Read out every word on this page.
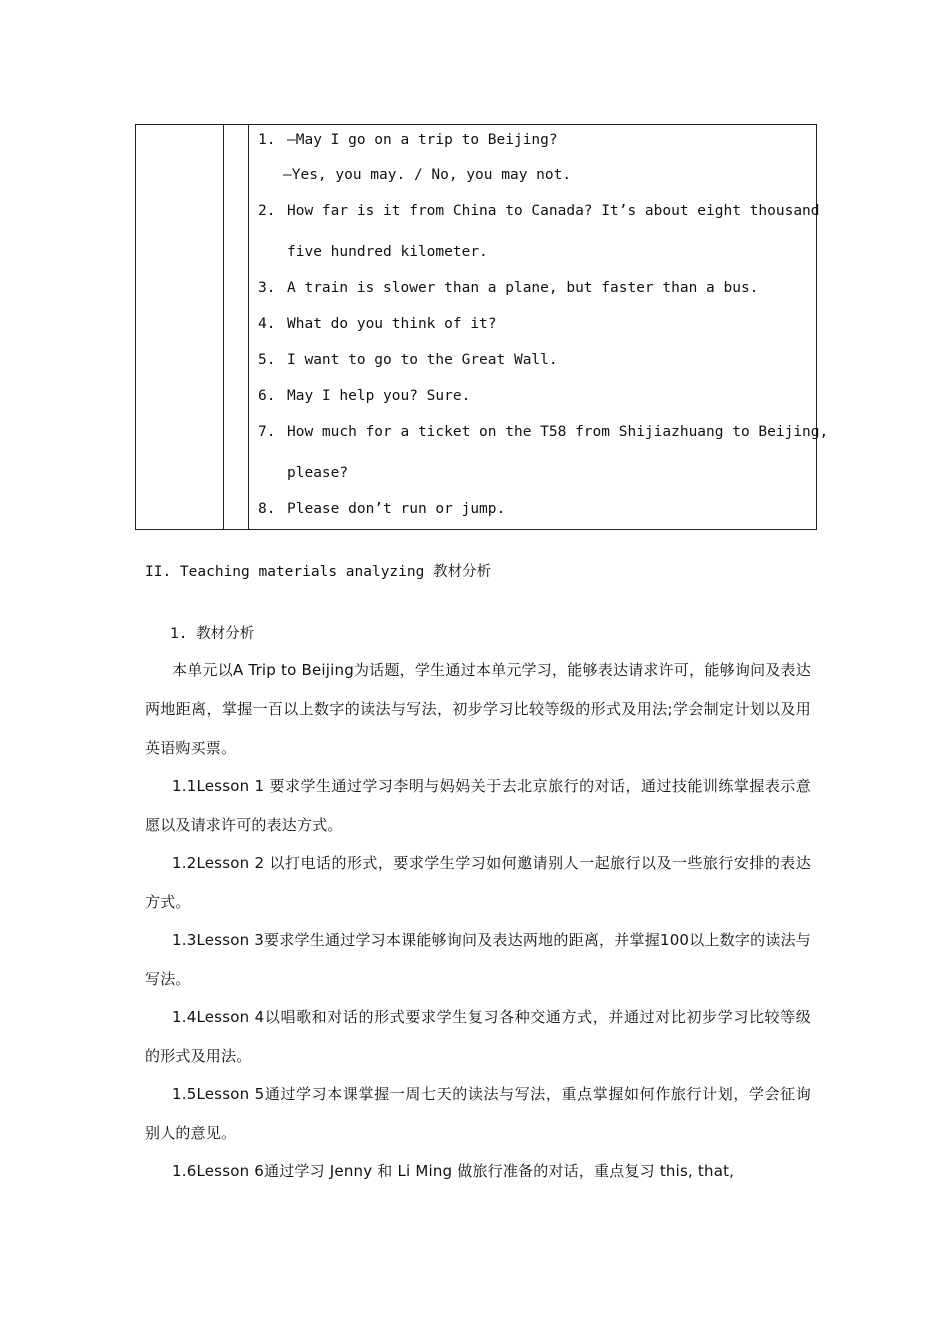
1. —May I go on a trip to Beijing?
—Yes, you may. / No, you may not.
2. How far is it from China to Canada? It’s about eight thousand
five hundred kilometer.
3. A train is slower than a plane, but faster than a bus.
4. What do you think of it?
5. I want to go to the Great Wall.
6. May I help you? Sure.
7. How much for a ticket on the T58 from Shijiazhuang to Beijing,
please?
8. Please don’t run or jump.
II. Teaching materials analyzing 教材分析
1. 教材分析
本单元以A Trip to Beijing为话题，学生通过本单元学习，能够表达请求许可，能够询问及表达两地距离，掌握一百以上数字的读法与写法，初步学习比较等级的形式及用法;学会制定计划以及用英语购买票。
1.1Lesson 1 要求学生通过学习李明与妈妈关于去北京旅行的对话，通过技能训练掌握表示意愿以及请求许可的表达方式。
1.2Lesson 2 以打电话的形式，要求学生学习如何邀请别人一起旅行以及一些旅行安排的表达方式。
1.3Lesson 3要求学生通过学习本课能够询问及表达两地的距离，并掌握100以上数字的读法与写法。
1.4Lesson 4以唱歌和对话的形式要求学生复习各种交通方式，并通过对比初步学习比较等级的形式及用法。
1.5Lesson 5通过学习本课掌握一周七天的读法与写法，重点掌握如何作旅行计划，学会征询别人的意见。
1.6Lesson 6通过学习 Jenny 和 Li Ming 做旅行准备的对话，重点复习 this, that,
